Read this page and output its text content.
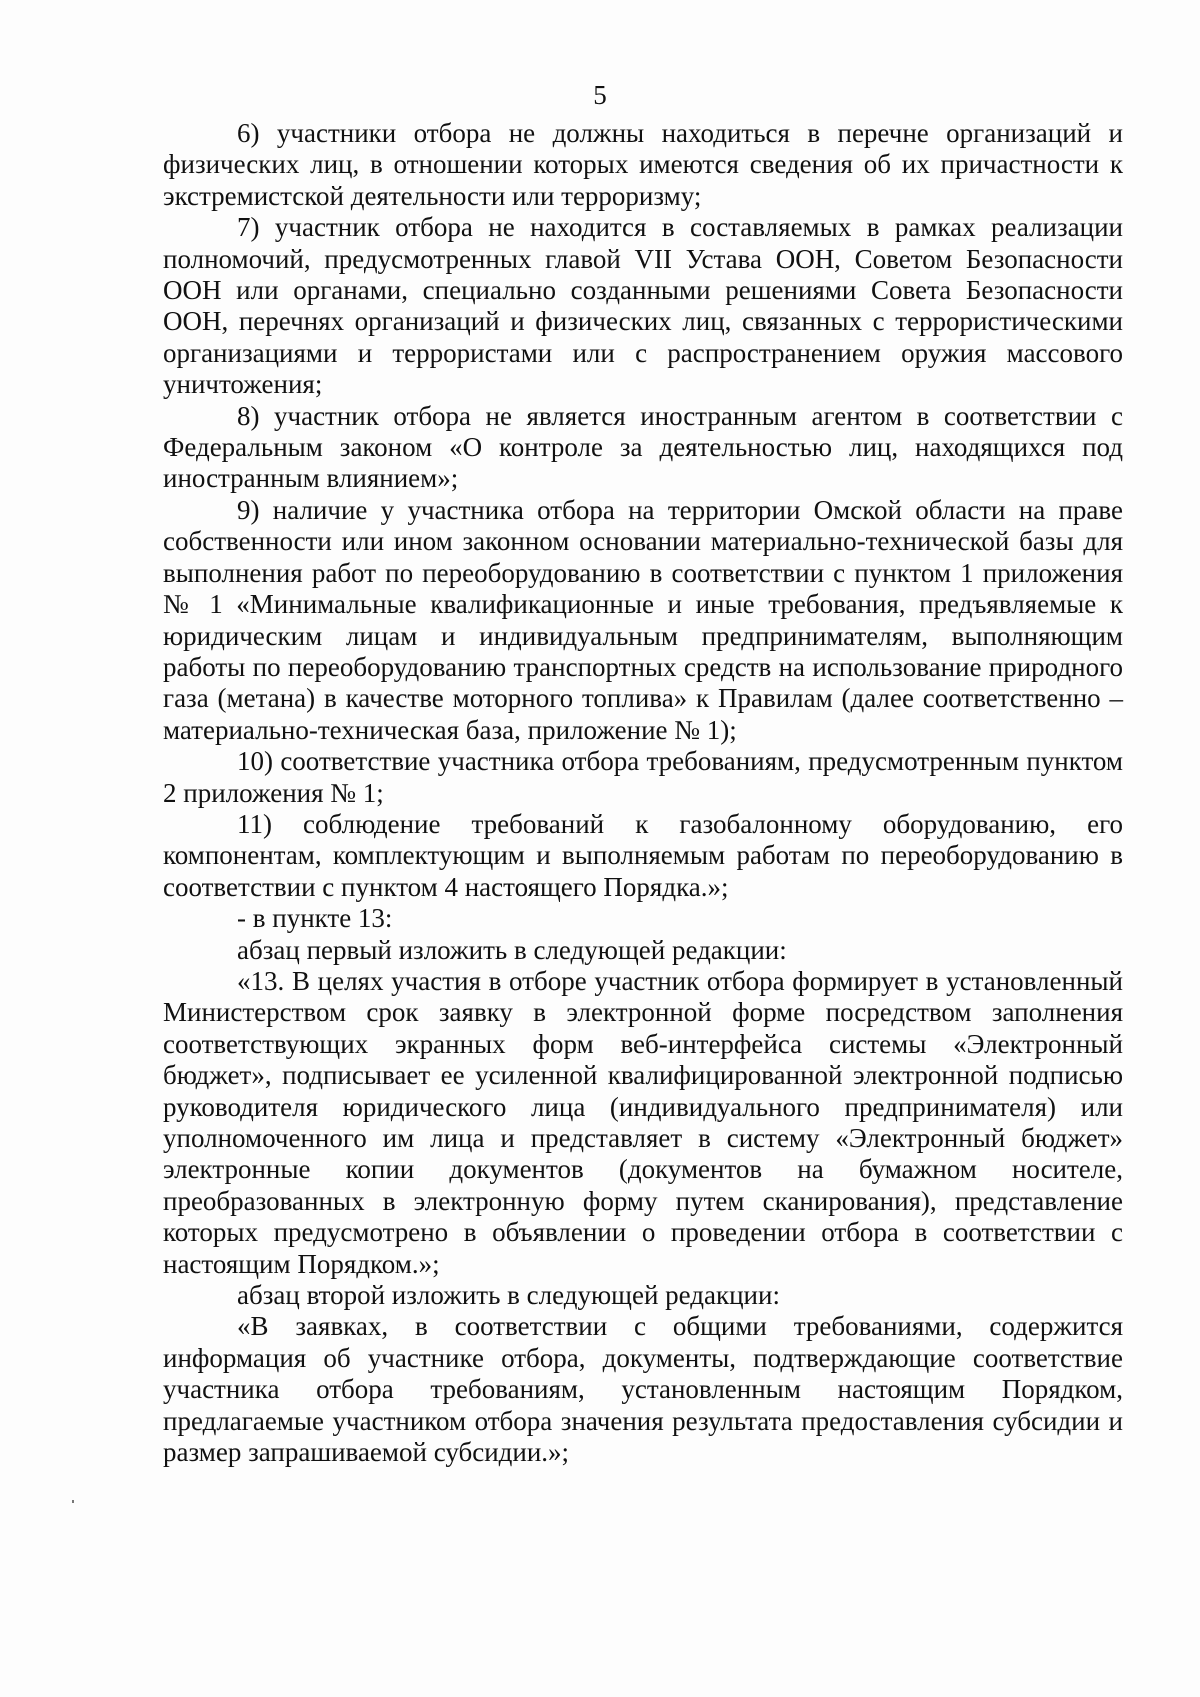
5

6) участники отбора не должны находиться в перечне организаций и физических лиц, в отношении которых имеются сведения об их причастности к экстремистской деятельности или терроризму;

7) участник отбора не находится в составляемых в рамках реализации полномочий, предусмотренных главой VII Устава ООН, Советом Безопасности ООН или органами, специально созданными решениями Совета Безопасности ООН, перечнях организаций и физических лиц, связанных с террористическими организациями и террористами или с распространением оружия массового уничтожения;

8) участник отбора не является иностранным агентом в соответствии с Федеральным законом «О контроле за деятельностью лиц, находящихся под иностранным влиянием»;

9) наличие у участника отбора на территории Омской области на праве собственности или ином законном основании материально-технической базы для выполнения работ по переоборудованию в соответствии с пунктом 1 приложения № 1 «Минимальные квалификационные и иные требования, предъявляемые к юридическим лицам и индивидуальным предпринимателям, выполняющим работы по переоборудованию транспортных средств на использование природного газа (метана) в качестве моторного топлива» к Правилам (далее соответственно – материально-техническая база, приложение № 1);

10) соответствие участника отбора требованиям, предусмотренным пунктом 2 приложения № 1;

11) соблюдение требований к газобалонному оборудованию, его компонентам, комплектующим и выполняемым работам по переоборудованию в соответствии с пунктом 4 настоящего Порядка.»;

- в пункте 13:

абзац первый изложить в следующей редакции:

«13. В целях участия в отборе участник отбора формирует в установленный Министерством срок заявку в электронной форме посредством заполнения соответствующих экранных форм веб-интерфейса системы «Электронный бюджет», подписывает ее усиленной квалифицированной электронной подписью руководителя юридического лица (индивидуального предпринимателя) или уполномоченного им лица и представляет в систему «Электронный бюджет» электронные копии документов (документов на бумажном носителе, преобразованных в электронную форму путем сканирования), представление которых предусмотрено в объявлении о проведении отбора в соответствии с настоящим Порядком.»;

абзац второй изложить в следующей редакции:

«В заявках, в соответствии с общими требованиями, содержится информация об участнике отбора, документы, подтверждающие соответствие участника отбора требованиям, установленным настоящим Порядком, предлагаемые участником отбора значения результата предоставления субсидии и размер запрашиваемой субсидии.»;
